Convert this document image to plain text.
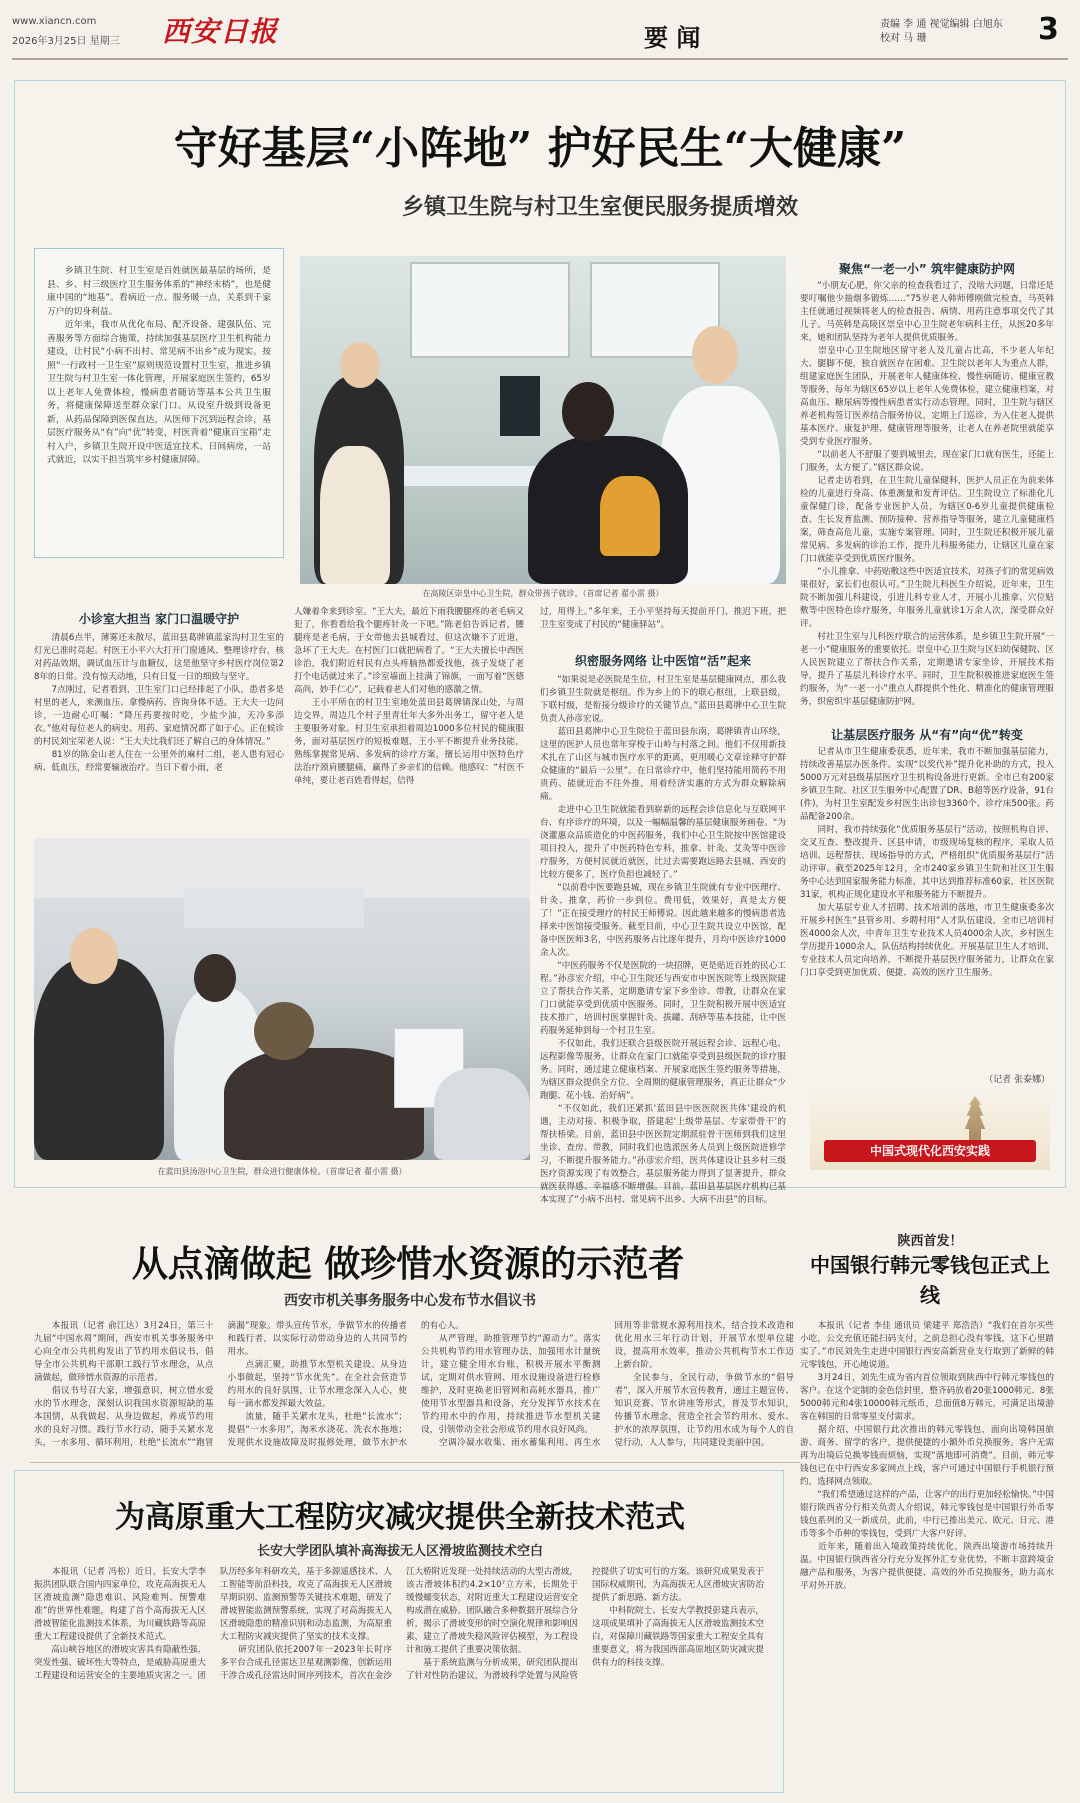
www.xiancn.com
2026年3月25日 星期三 西安日报	要 闻	责编 李 通 视觉编辑 白旭东
校对 马 珊	3
守好基层“小阵地” 护好民生“大健康”
乡镇卫生院与村卫生室便民服务提质增效
　　乡镇卫生院、村卫生室是百姓就医最基层的场所，是县、乡、村三级医疗卫生服务体系的“神经末梢”，也是健康中国的“地基”。看病近一点、服务暖一点，关系到千家万户的切身利益。
　　近年来，我市从优化布局、配齐设备、建强队伍、完善服务等方面综合施策，持续加强基层医疗卫生机构能力建设，让村民“小病不出村、常见病不出乡”成为现实。按照“一行政村一卫生室”原则规范设置村卫生室，推进乡镇卫生院与村卫生室一体化管理，开展家庭医生签约，65岁以上老年人免费体检，慢病患者随访等基本公共卫生服务，将健康保障送至群众家门口。从设室升级到设备更新，从药品保障到医保直达，从医师下沉到远程会诊，基层医疗服务从“有”向“优”转变，村医背着“健康百宝箱”走村入户，乡镇卫生院开设中医适宜技术、日间病房，一站式就近，以实干担当筑牢乡村健康屏障。
在高陵区崇皇中心卫生院，群众带孩子就诊。（首席记者 翟小雷 摄）
小诊室大担当 家门口温暖守护
　　清晨6点半，薄雾还未散尽，蓝田县葛牌镇蓝家沟村卫生室的灯光已准时亮起。村医王小平六大打开门窗通风、整理诊疗台，核对药品效期，调试血压计与血糖仪，这是他坚守乡村医疗岗位第28年的日常。没有惊天动地，只有日复一日的细致与坚守。
　　7点刚过，记者看到，卫生室门口已经排起了小队，患者多是村里的老人，来测血压、拿慢病药、咨询身体不适。王大夫一边问诊，一边耐心叮嘱：“降压药要按时吃，少盐少油，天冷多添衣。”他对每位老人的病史、用药、家庭情况都了如于心。正在候诊的村民刘宝荣老人说：“王大夫比我们还了解自己的身体情况。”
　　81岁的陈金山老人住在一公里外的麻村二组，老人患有冠心病、低血压，经常要输液治疗。当日下着小雨，老
人嫌着伞来到诊室。“王大夫，最近下雨我腰腿疼的老毛病又犯了，你看看给我个腿疼针灸一下吧。”陈老伯告诉记者，腰腿疼是老毛病，于女带他去县城看过，但这次嫌不了近道，急坏了王大夫。在村医门口就把病看了。“王大夫擅长中西医诊治，我们附近村民有点头疼脑热都爱找他，孩子发烧了老打个电话就过来了。”诊室墙面上挂满了锦旗，一面写着“医德高尚，妙手仁心”，记载着老人们对他的感激之情。
　　王小平所在的村卫生室地处蓝田县葛牌镇深山处，与周边交界，周边几个村子里青壮年大多外出务工，留守老人是主要服务对象。村卫生室承担着周边1000多位村民的健康服务，面对基层医疗的短板难题，王小平不断提升业务技能，熟练掌握常见病、多发病的诊疗方案，擅长运用中医特色疗法治疗颈肩腰腿痛，赢得了乡亲们的信赖。他感叹：“村医不单纯，要让老百姓看得起，信得
过，用得上。”多年来，王小平坚持每天提前开门、推迟下班，把卫生室变成了村民的“健康驿站”。
织密服务网络 让中医馆“活”起来
　　“如果说是必医院是生位，村卫生室是基层健康网点，那么我们乡镇卫生院就是枢纽。作为乡上的下的联心枢纽，上联县级，下联村级，是衔接分级诊疗的关键节点。”蓝田县葛牌中心卫生院负责人孙彦宏说。
　　蓝田县葛牌中心卫生院位于蓝田县东南，葛牌镇青山环绕，这里的医护人员也常年穿梭于山岭与村落之间。他们不仅用新技术扎在了山区与城市医疗水平的距离，更用暖心文章诠释守护群众健康的“最后一公里”。在日常诊疗中，他们坚持能用简药不用贵药、能就近治不往外推，用着经济实惠的方式为群众解除病痛。
　　走进中心卫生院就能看到崭新的远程会诊信息化与互联网平台、有序诊疗的环境，以及一幅幅温馨的基层健康服务画卷。“为浇灌惠众品质造化的中医药服务，我们中心卫生院按中医馆建设项目投入，提升了中医药特色专科，推拿、针灸、艾灸等中医诊疗服务，方便村民就近就医，比过去需要跑远路去县城、西安的比较方便多了，医疗负担也减轻了。”
　　“以前看中医要跑县城，现在乡镇卫生院就有专业中医理疗、针灸、推拿，药价一步到位。费用低，效果好，真是太方便了！”正在接受理疗的村民王师傅说。因此越来越多的慢病患者选择来中医馆接受服务。截至目前，中心卫生院共设立中医馆，配备中医医师3名，中医药服务占比逐年提升，月均中医诊疗1000余人次。
　　“中医药服务不仅是医院的一块招牌，更是贴近百姓的民心工程。”孙彦宏介绍，中心卫生院还与西安市中医医院等上级医院建立了帮扶合作关系，定期邀请专家下乡坐诊、带教，让群众在家门口就能享受到优质中医服务。同时，卫生院积极开展中医适宜技术推广，培训村医掌握针灸、拔罐、刮痧等基本技能，让中医药服务延伸到每一个村卫生室。
　　不仅如此，我们还联合县级医院开展远程会诊、远程心电、远程影像等服务，让群众在家门口就能享受到县级医院的诊疗服务。同时，通过建立健康档案、开展家庭医生签约服务等措施，为辖区群众提供全方位、全周期的健康管理服务，真正让群众“少跑腿、花小钱、治好病”。
　　“不仅如此，我们还紧抓‘蓝田县中医医院医共体’建设的机遇，主动对接、积极争取，搭建起‘上级带基层、专家带骨干’的帮扶桥梁。目前，蓝田县中医医院定期派驻骨干医师到我们这里坐诊、查房、带教，同时我们也选派医务人员到上级医院进修学习，不断提升服务能力。”孙彦宏介绍，医共体建设让县乡村三级医疗资源实现了有效整合，基层服务能力得到了显著提升，群众就医获得感、幸福感不断增强。目前，蓝田县基层医疗机构已基本实现了“小病不出村、常见病不出乡、大病不出县”的目标。
在蓝田县汤浴中心卫生院，群众进行健康体检。（首席记者 翟小雷 摄）
聚焦“一老一小” 筑牢健康防护网
　　“小朋友心肥，你父亲的检查我看过了，没啥大问题，日常还是要叮嘱他少抽烟多锻炼……”75岁老人韩师傅刚做完检查，马英韩主任就通过视频将老人的检查报告、病情、用药注意事项交代了其儿子。马英韩是高陵区崇皇中心卫生院老年病科主任，从医20多年来，她和团队坚持为老年人提供优质服务。
　　崇皇中心卫生院地区留守老人及儿童占比高，不少老人年纪大、腿脚不便，独自就医存在困难。卫生院以老年人为重点人群，组建家庭医生团队，开展老年人健康体检、慢性病随访、健康宣教等服务，每年为辖区65岁以上老年人免费体检，建立健康档案，对高血压、糖尿病等慢性病患者实行动态管理。同时，卫生院与辖区养老机构签订医养结合服务协议，定期上门巡诊，为入住老人提供基本医疗、康复护理、健康管理等服务，让老人在养老院里就能享受到专业医疗服务。
　　“以前老人不舒服了要到城里去，现在家门口就有医生，还能上门服务，太方便了。”辖区群众说。
　　记者走访看到，在卫生院儿童保健科，医护人员正在为前来体检的儿童进行身高、体重测量和发育评估。卫生院设立了标准化儿童保健门诊，配备专业医护人员，为辖区0-6岁儿童提供健康检查、生长发育监测、预防接种、营养指导等服务，建立儿童健康档案，筛查高危儿童，实施专案管理。同时，卫生院还积极开展儿童常见病、多发病的诊治工作，提升儿科服务能力，让辖区儿童在家门口就能享受到优质医疗服务。
　　“小儿推拿、中药贴敷这些中医适宜技术，对孩子们的常见病效果很好，家长们也很认可。”卫生院儿科医生介绍说，近年来，卫生院不断加强儿科建设，引进儿科专业人才，开展小儿推拿、穴位贴敷等中医特色诊疗服务，年服务儿童就诊1万余人次，深受群众好评。
　　村社卫生室与儿科医疗联合的运营体系，是乡镇卫生院开展“一老一小”健康服务的重要依托。崇皇中心卫生院与区妇幼保健院、区人民医院建立了帮扶合作关系，定期邀请专家坐诊，开展技术指导，提升了基层儿科诊疗水平。同时，卫生院积极推进家庭医生签约服务，为“一老一小”重点人群提供个性化、精准化的健康管理服务，织密织牢基层健康防护网。
让基层医疗服务 从“有”向“优”转变
　　记者从市卫生健康委获悉，近年来，我市不断加强基层能力，持续改善基层办医条件。实现“以奖代补”提升化补助的方式，投入5000万元对县级基层医疗卫生机构设备进行更新。全市已有200家乡镇卫生院、社区卫生服务中心配置了DR、B超等医疗设备，91台(件)，为村卫生室配发乡村医生出诊包3360个、诊疗床500张。药品配备200余。
　　同时，我市持续强化“优质服务基层行”活动，按照机构自评、交叉互查、整改提升、区县申请，市级现场复核的程序，采取人员培训、远程帮扶、现场指导的方式，严格组织“优质服务基层行”活动评审。截至2025年12月，全市240家乡镇卫生院和社区卫生服务中心达到国家服务能力标准，其中达到推荐标准60家，社区医院31家，机构正规化建设水平和服务能力不断提升。
　　加大基层专业人才招聘、技术培训的落地，市卫生健康委多次开展乡村医生“县管乡用、乡聘村用”人才队伍建设，全市已培训村医4000余人次，中青年卫生专业技术人员4000余人次，乡村医生学历提升1000余人，队伍结构持续优化。开展基层卫生人才培训、专业技术人员定向培养，不断提升基层医疗服务能力，让群众在家门口享受到更加优质、便捷、高效的医疗卫生服务。
（记者 张泰娜）
中国式现代化西安实践
从点滴做起 做珍惜水资源的示范者
西安市机关事务服务中心发布节水倡议书
　　本报讯（记者 俞江达）3月24日，第三十九届“中国水周”期间，西安市机关事务服务中心向全市公共机构发出了节约用水倡议书，倡导全市公共机构干部职工践行节水理念，从点滴做起，做珍惜水资源的示范者。
　　倡议书号召大家，增强意识，树立惜水爱水的节水理念，深刻认识我国水资源短缺的基本国情，从我做起、从身边做起，养成节约用水的良好习惯。践行节水行动，随手关紧水龙头，一水多用、循环利用，杜绝“长流水”“跑冒滴漏”现象。带头宣传节水，争做节水的传播者和践行者，以实际行动带动身边的人共同节约用水。
　　点滴汇聚，助推节水型机关建设。从身边小事做起，坚持“节水优先”。在全社会营造节约用水的良好氛围，让节水理念深入人心，使每一滴水都发挥最大效益。
　　流量，随手关紧水龙头，杜绝“长流水”；提倡“一水多用”，淘米水浇花、洗衣水拖地；发现供水设施故障及时报修处理，做节水护水的有心人。
　　从严管理，助推管理节约“源动力”。落实公共机构节约用水管理办法，加强用水计量统计，建立健全用水台账，积极开展水平衡测试，定期对供水管网、用水设施设备进行检修维护，及时更换老旧管网和高耗水器具，推广使用节水型器具和设备，充分发挥节水技术在节约用水中的作用，持续推进节水型机关建设，引领带动全社会形成节约用水良好风尚。
　　空调冷凝水收集、雨水蓄集利用、再生水回用等非常规水源利用技术，结合技术改造和优化用水三年行动计划，开展节水型单位建设，提高用水效率，推动公共机构节水工作迈上新台阶。
　　全民参与，全民行动，争做节水的“倡导者”，深入开展节水宣传教育，通过主题宣传、知识竞赛、节水讲座等形式，普及节水知识，传播节水理念，营造全社会节约用水、爱水、护水的浓厚氛围，让节约用水成为每个人的自觉行动，人人参与，共同建设美丽中国。
为高原重大工程防灾减灾提供全新技术范式
长安大学团队填补高海拔无人区滑坡监测技术空白
　　本报讯（记者 冯松）近日，长安大学李振洪团队联合国内四家单位，攻克高海拔无人区滑坡监测“隐患难识、风险难判、预警难准”的世界性难题，构建了首个高海拔无人区滑坡智能化监测技术体系，为川藏铁路等高原重大工程建设提供了全新技术范式。
　　高山峡谷地区的滑坡灾害具有隐蔽性强、突发性强、破坏性大等特点，是威胁高原重大工程建设和运营安全的主要地质灾害之一。团队历经多年科研攻关，基于多源遥感技术、人工智能等前沿科技，攻克了高海拔无人区滑坡早期识别、监测预警等关键技术难题，研发了滑坡智能监测预警系统，实现了对高海拔无人区滑坡隐患的精准识别和动态监测，为高原重大工程防灾减灾提供了坚实的技术支撑。
　　研究团队依托2007年一2023年长时序多平台合成孔径雷达卫星观测影像，创新运用干涉合成孔径雷达时间序列技术，首次在金沙江大桥附近发现一处持续活动的大型古滑坡，该古滑坡体积约4.2×10⁷立方米，长期处于缓慢蠕变状态，对附近重大工程建设运营安全构成潜在威胁。团队融合多种数据开展综合分析，揭示了滑坡变形的时空演化规律和影响因素，建立了滑坡失稳风险评估模型，为工程设计和施工提供了重要决策依据。
　　基于系统监测与分析成果，研究团队提出了针对性防治建议，为滑坡科学处置与风险管控提供了切实可行的方案。该研究成果发表于国际权威期刊，为高海拔无人区滑坡灾害防治提供了新思路、新方法。
　　中科院院士、长安大学教授彭建兵表示，这项成果填补了高海拔无人区滑坡监测技术空白，对保障川藏铁路等国家重大工程安全具有重要意义，将为我国西部高原地区防灾减灾提供有力的科技支撑。
陕西首发！
中国银行韩元零钱包正式上线
　　本报讯（记者 李佳 通讯员 梁建平 郑浩浩）“我们在首尔买些小吃，公交充值还能扫码支付，之前总担心没有零钱，这下心里踏实了。”市民刘先生走进中国银行西安高新营业支行取到了新鲜的韩元零钱包，开心地说道。
　　3月24日，刘先生成为省内首位领取到陕西中行韩元零钱包的客户。在这个定制的金色信封里，整齐码放着20张1000韩元、8张5000韩元和4张10000韩元纸币，总面值8万韩元，可满足出境游客在韩国的日常零星支付需求。
　　据介绍，中国银行此次推出的韩元零钱包，面向出境韩国旅游、商务、留学的客户，提供便捷的小额外币兑换服务。客户无需再为出境后兑换零钱而烦恼，实现“落地即可消费”。目前，韩元零钱包已在中行西安多家网点上线，客户可通过中国银行手机银行预约，选择网点领取。
　　“我们希望通过这样的产品，让客户的出行更加轻松愉快。”中国银行陕西省分行相关负责人介绍说，韩元零钱包是中国银行外币零钱包系列的又一新成员，此前，中行已推出美元、欧元、日元、港币等多个币种的零钱包，受到广大客户好评。
　　近年来，随着出入境政策持续优化，陕西出境游市场持续升温。中国银行陕西省分行充分发挥外汇专业优势，不断丰富跨境金融产品和服务，为客户提供便捷、高效的外币兑换服务，助力高水平对外开放。
